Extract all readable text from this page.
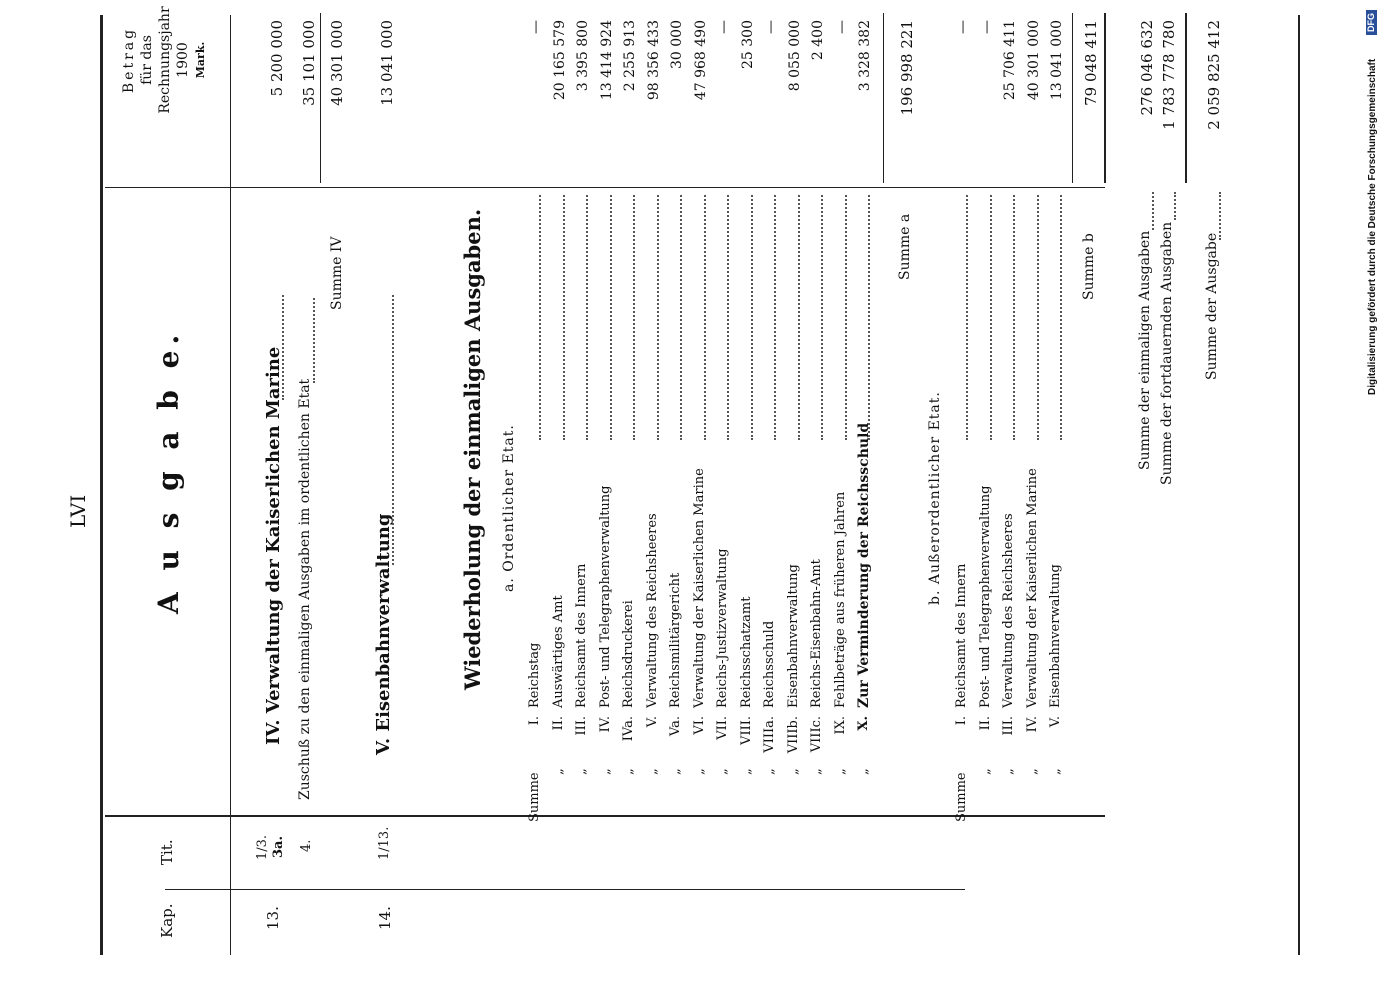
LVI A u s g a b e.
Kap.
Tit.
Betrag für das Rechnungsjahr 1900 Mark.
13.
1/3. 3a. 4.
IV. Verwaltung der Kaiserlichen Marine
5 200 000
Zuschuß zu den einmaligen Ausgaben im ordentlichen Etat
35 101 000
Summe IV
40 301 000
14.
1/13.
V. Eisenbahnverwaltung
13 041 000
Wiederholung der einmaligen Ausgaben. a. Ordentlicher Etat.
Summe
I.
Reichstag
—
„
II.
Auswärtiges Amt
20 165 579
„
III.
Reichsamt des Innern
3 395 800
„
IV.
Post- und Telegraphenverwaltung
13 414 924
„
IVa.
Reichsdruckerei
2 255 913
„
V.
Verwaltung des Reichsheeres
98 356 433
„
Va.
Reichsmilitärgericht
30 000
„
VI.
Verwaltung der Kaiserlichen Marine
47 968 490
„
VII.
Reichs-Justizverwaltung
—
„
VIII.
Reichsschatzamt
25 300
„
VIIIa.
Reichsschuld
—
„
VIIIb.
Eisenbahnverwaltung
8 055 000
„
VIIIc.
Reichs-Eisenbahn-Amt
2 400
„
IX.
Fehlbeträge aus früheren Jahren
—
„
X.
Zur Verminderung der Reichsschuld
3 328 382
Summe a
196 998 221
b. Außerordentlicher Etat.
Summe
I.
Reichsamt des Innern
—
„
II.
Post- und Telegraphenverwaltung
—
„
III.
Verwaltung des Reichsheeres
25 706 411
„
IV.
Verwaltung der Kaiserlichen Marine
40 301 000
„
V.
Eisenbahnverwaltung
13 041 000
Summe b
79 048 411
Summe der einmaligen Ausgaben
276 046 632
Summe der fortdauernden Ausgaben
1 783 778 780
Summe der Ausgabe
2 059 825 412	Digitalisierung gefördert durch die Deutsche Forschungsgemeinschaft
DFG
